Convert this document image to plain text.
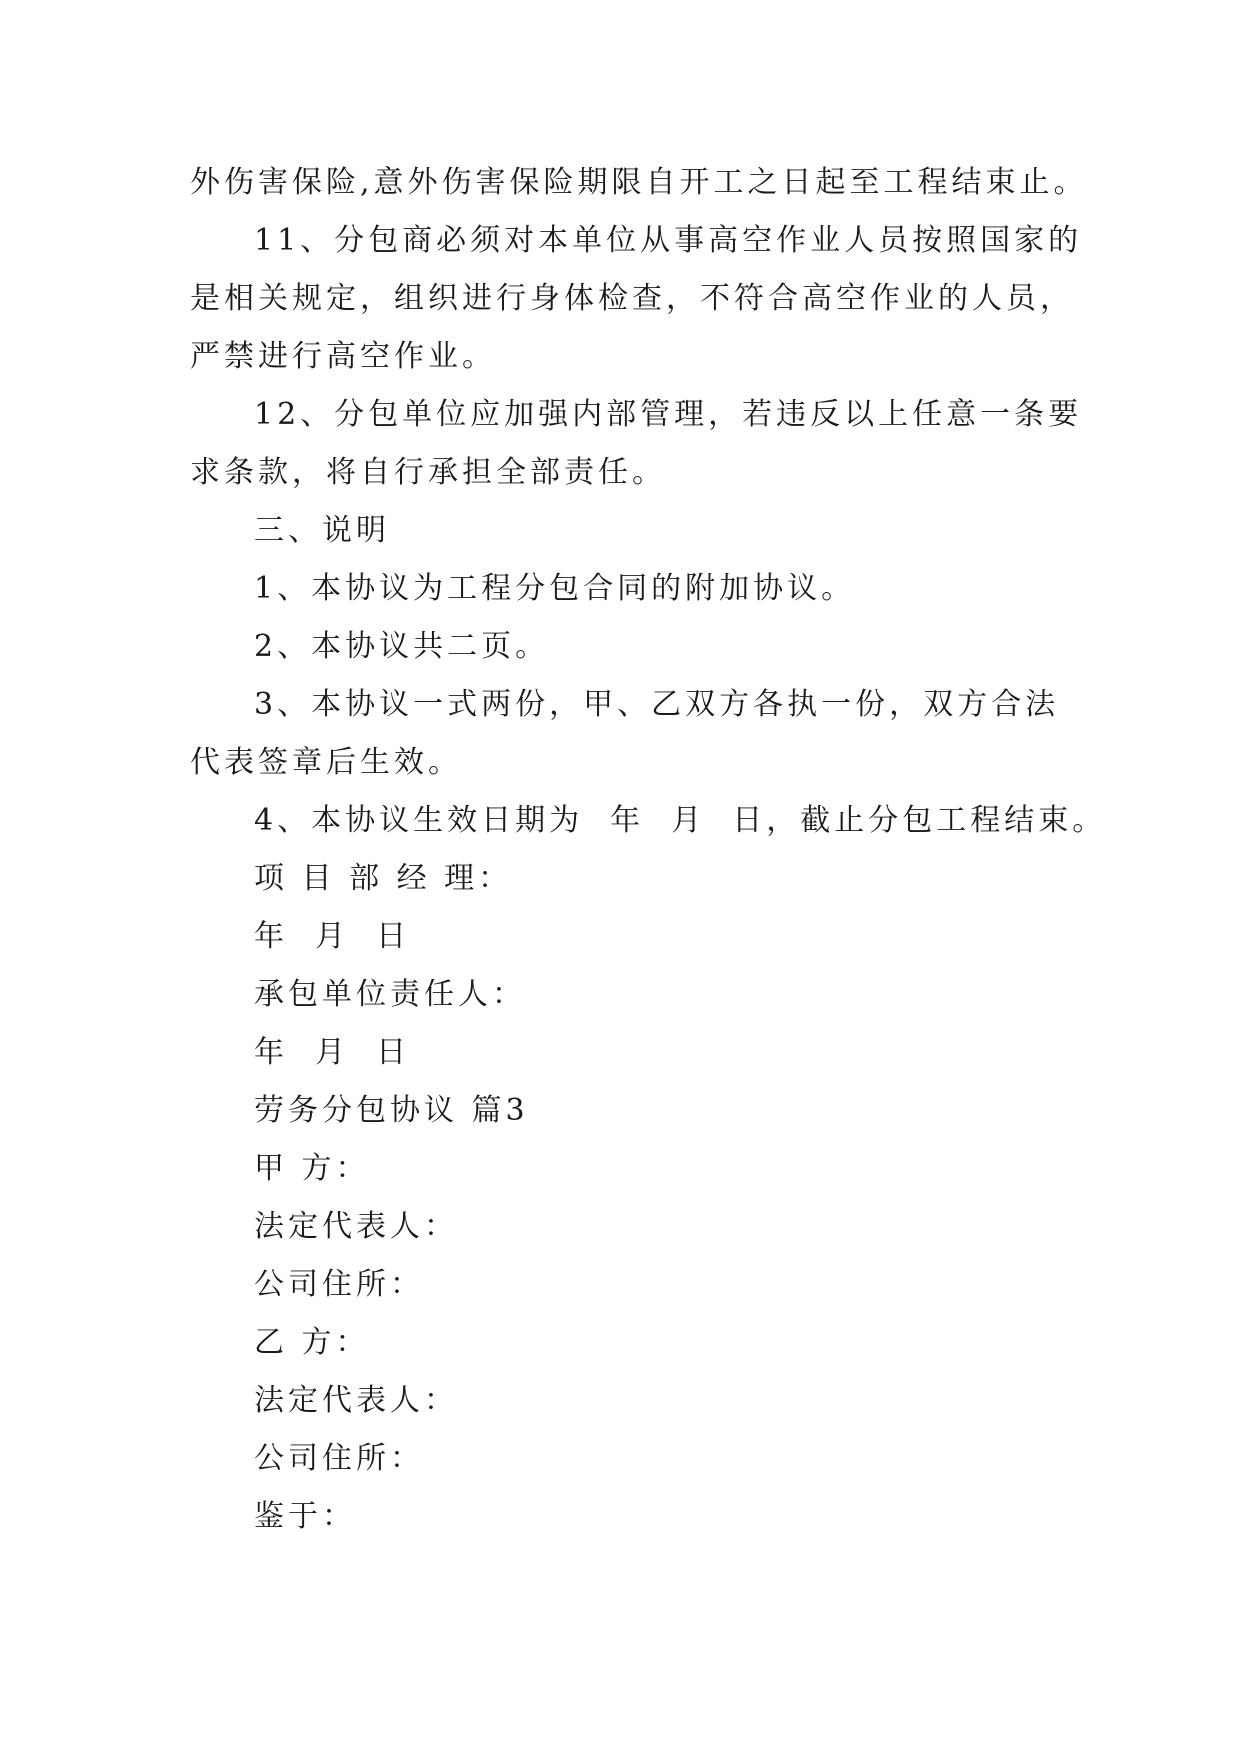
外伤害保险,意外伤害保险期限自开工之日起至工程结束止。
11、分包商必须对本单位从事高空作业人员按照国家的
是相关规定，组织进行身体检查，不符合高空作业的人员，
严禁进行高空作业。
12、分包单位应加强内部管理，若违反以上任意一条要
求条款，将自行承担全部责任。
三、说明
1、本协议为工程分包合同的附加协议。
2、本协议共二页。
3、本协议一式两份，甲、乙双方各执一份，双方合法
代表签章后生效。
4、本协议生效日期为  年  月  日，截止分包工程结束。
项 目 部 经 理：
年  月  日
承包单位责任人：
年  月  日
劳务分包协议 篇3
甲 方：
法定代表人：
公司住所：
乙 方：
法定代表人：
公司住所：
鉴于：
